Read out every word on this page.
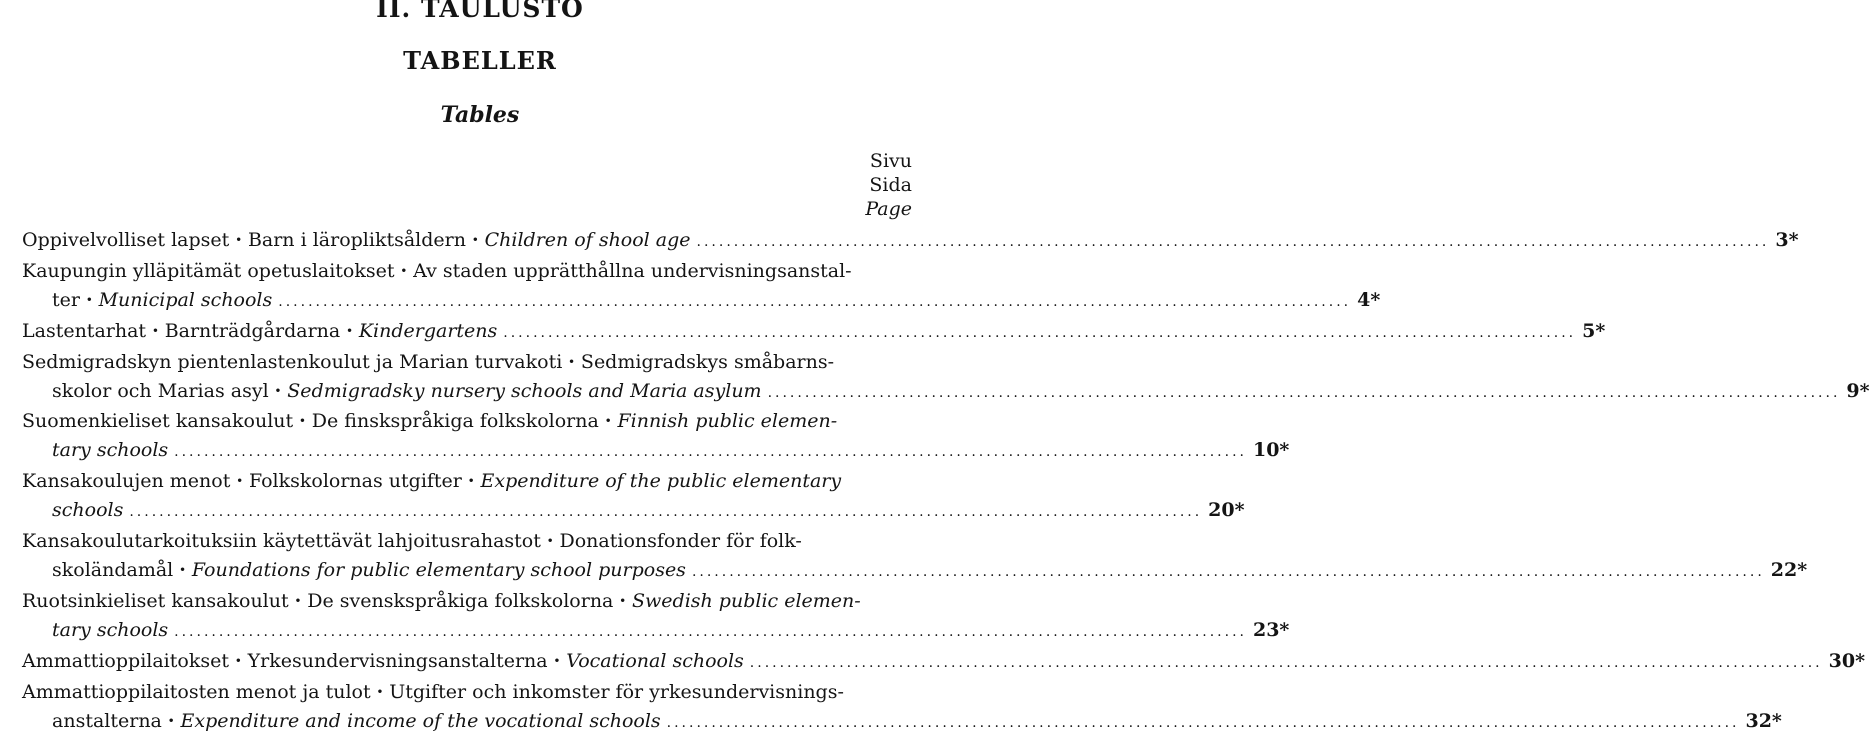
II. TAULUSTO
TABELLER
Tables
Sivu
Sida
Page
Oppivelvolliset lapset · Barn i läropliktsåldern · Children of shool age ................................................................................................................................................ 3*
Kaupungin ylläpitämät opetuslaitokset · Av staden upprätthållna undervisningsanstal-
ter · Municipal schools ................................................................................................................................................ 4*
Lastentarhat · Barnträdgårdarna · Kindergartens ................................................................................................................................................ 5*
Sedmigradskyn pientenlastenkoulut ja Marian turvakoti · Sedmigradskys småbarns-
skolor och Marias asyl · Sedmigradsky nursery schools and Maria asylum ................................................................................................................................................ 9*
Suomenkieliset kansakoulut · De finskspråkiga folkskolorna · Finnish public elemen-
tary schools ................................................................................................................................................ 10*
Kansakoulujen menot · Folkskolornas utgifter · Expenditure of the public elementary
schools ................................................................................................................................................ 20*
Kansakoulutarkoituksiin käytettävät lahjoitusrahastot · Donationsfonder för folk-
skoländamål · Foundations for public elementary school purposes ................................................................................................................................................ 22*
Ruotsinkieliset kansakoulut · De svenskspråkiga folkskolorna · Swedish public elemen-
tary schools ................................................................................................................................................ 23*
Ammattioppilaitokset · Yrkesundervisningsanstalterna · Vocational schools ................................................................................................................................................ 30*
Ammattioppilaitosten menot ja tulot · Utgifter och inkomster för yrkesundervisnings-
anstalterna · Expenditure and income of the vocational schools ................................................................................................................................................ 32*
